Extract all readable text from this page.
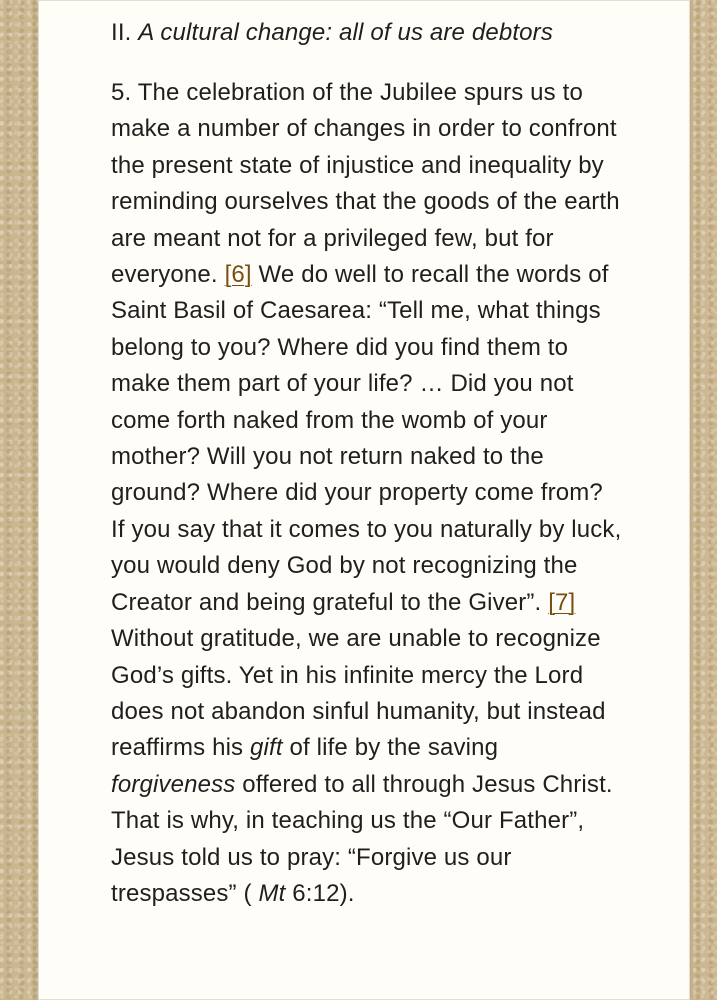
II. A cultural change: all of us are debtors

5. The celebration of the Jubilee spurs us to make a number of changes in order to confront the present state of injustice and inequality by reminding ourselves that the goods of the earth are meant not for a privileged few, but for everyone. [6] We do well to recall the words of Saint Basil of Caesarea: “Tell me, what things belong to you? Where did you find them to make them part of your life? … Did you not come forth naked from the womb of your mother? Will you not return naked to the ground? Where did your property come from? If you say that it comes to you naturally by luck, you would deny God by not recognizing the Creator and being grateful to the Giver”. [7] Without gratitude, we are unable to recognize God’s gifts. Yet in his infinite mercy the Lord does not abandon sinful humanity, but instead reaffirms his gift of life by the saving forgiveness offered to all through Jesus Christ. That is why, in teaching us the “Our Father”, Jesus told us to pray: “Forgive us our trespasses” ( Mt 6:12).
